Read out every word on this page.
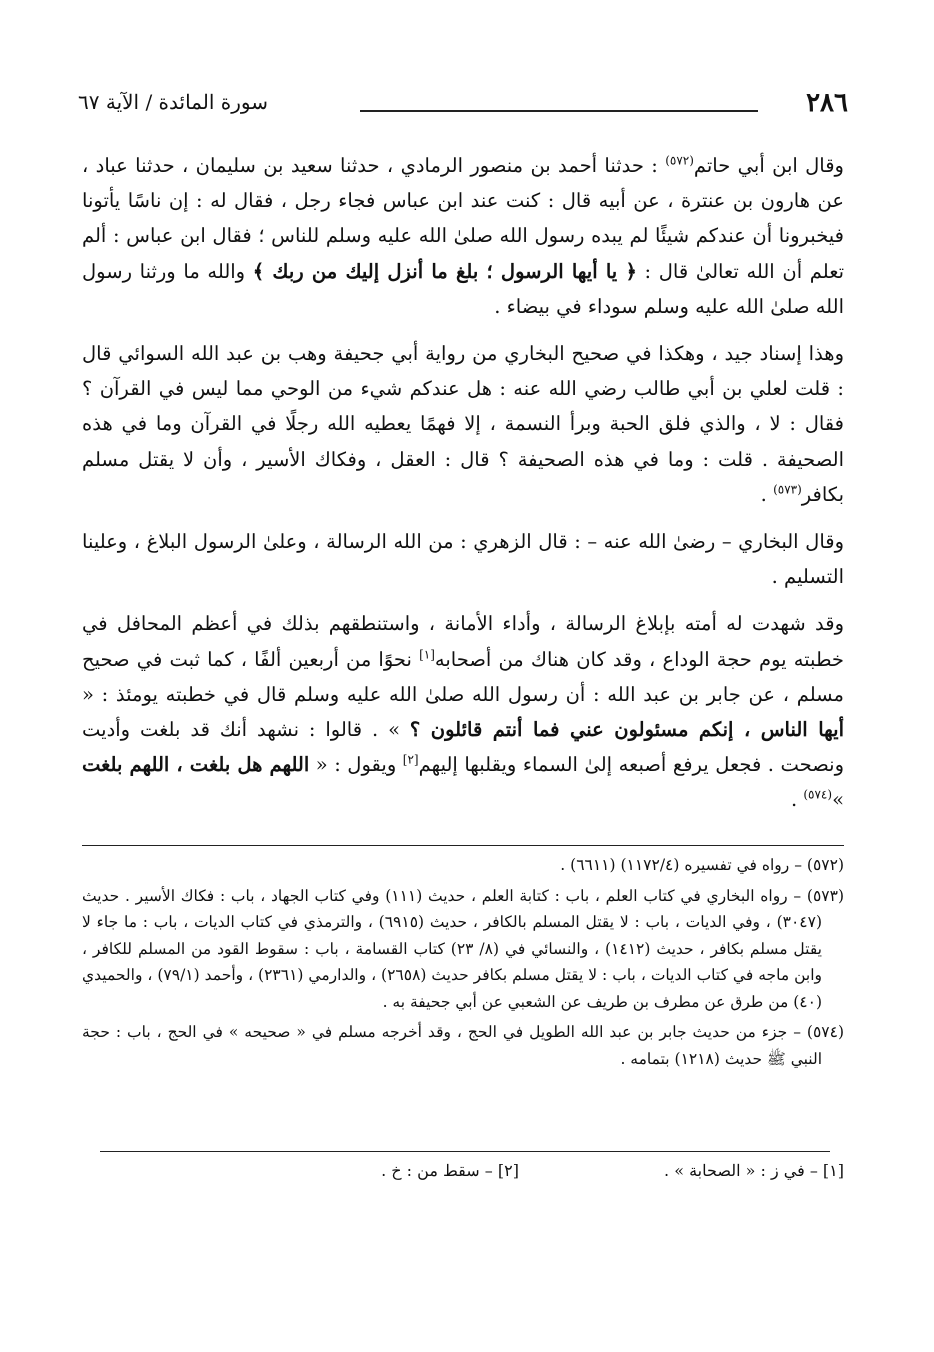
٢٨٦
سورة المائدة / الآية ٦٧

وقال ابن أبي حاتم$^{(٥٧٢)}$ : حدثنا أحمد بن منصور الرمادي ، حدثنا سعيد بن سليمان ، حدثنا عباد ، عن هارون بن عنترة ، عن أبيه قال : كنت عند ابن عباس فجاء رجل ، فقال له : إن ناسًا يأتونا فيخبرونا أن عندكم شيئًا لم يبده رسول الله صلىٰ الله عليه وسلم للناس ؛ فقال ابن عباس : ألم تعلم أن الله تعالىٰ قال : ﴿ يا أيها الرسول ؛ بلغ ما أنزل إليك من ربك ﴾ والله ما ورثنا رسول الله صلىٰ الله عليه وسلم سوداء في بيضاء .

وهذا إسناد جيد ، وهكذا في صحيح البخاري من رواية أبي جحيفة وهب بن عبد الله السوائي قال : قلت لعلي بن أبي طالب رضي الله عنه : هل عندكم شيء من الوحي مما ليس في القرآن ؟ فقال : لا ، والذي فلق الحبة وبرأ النسمة ، إلا فهمًا يعطيه الله رجلًا في القرآن وما في هذه الصحيفة . قلت : وما في هذه الصحيفة ؟ قال : العقل ، وفكاك الأسير ، وأن لا يقتل مسلم بكافر$^{(٥٧٣)}$ .

وقال البخاري – رضىٰ الله عنه – : قال الزهري : من الله الرسالة ، وعلىٰ الرسول البلاغ ، وعلينا التسليم .

وقد شهدت له أمته بإبلاغ الرسالة ، وأداء الأمانة ، واستنطقهم بذلك في أعظم المحافل في خطبته يوم حجة الوداع ، وقد كان هناك من أصحابه[١] نحوًا من أربعين ألفًا ، كما ثبت في صحيح مسلم ، عن جابر بن عبد الله : أن رسول الله صلىٰ الله عليه وسلم قال في خطبته يومئذ : « أيها الناس ، إنكم مسئولون عني فما أنتم قائلون ؟ » . قالوا : نشهد أنك قد بلغت وأديت ونصحت . فجعل يرفع أصبعه إلىٰ السماء ويقلبها إليهم[٢] ويقول : « اللهم هل بلغت ، اللهم بلغت »$^{(٥٧٤)}$ .

(٥٧٢) – رواه في تفسيره (١١٧٢/٤) (٦٦١١) .

(٥٧٣) – رواه البخاري في كتاب العلم ، باب : كتابة العلم ، حديث (١١١) وفي كتاب الجهاد ، باب : فكاك الأسير . حديث (٣٠٤٧) ، وفي الديات ، باب : لا يقتل المسلم بالكافر ، حديث (٦٩١٥) ، والترمذي في كتاب الديات ، باب : ما جاء لا يقتل مسلم بكافر ، حديث (١٤١٢) ، والنسائي في (٨/ ٢٣) كتاب القسامة ، باب : سقوط القود من المسلم للكافر ، وابن ماجه في كتاب الديات ، باب : لا يقتل مسلم بكافر حديث (٢٦٥٨) ، والدارمي (٢٣٦١) ، وأحمد (٧٩/١) ، والحميدي (٤٠) من طرق عن مطرف بن طريف عن الشعبي عن أبي جحيفة به .

(٥٧٤) – جزء من حديث جابر بن عبد الله الطويل في الحج ، وقد أخرجه مسلم في « صحيحه » في الحج ، باب : حجة النبي ﷺ حديث (١٢١٨) بتمامه .

[١] – في ز : « الصحابة » . [٢] – سقط من : خ .
